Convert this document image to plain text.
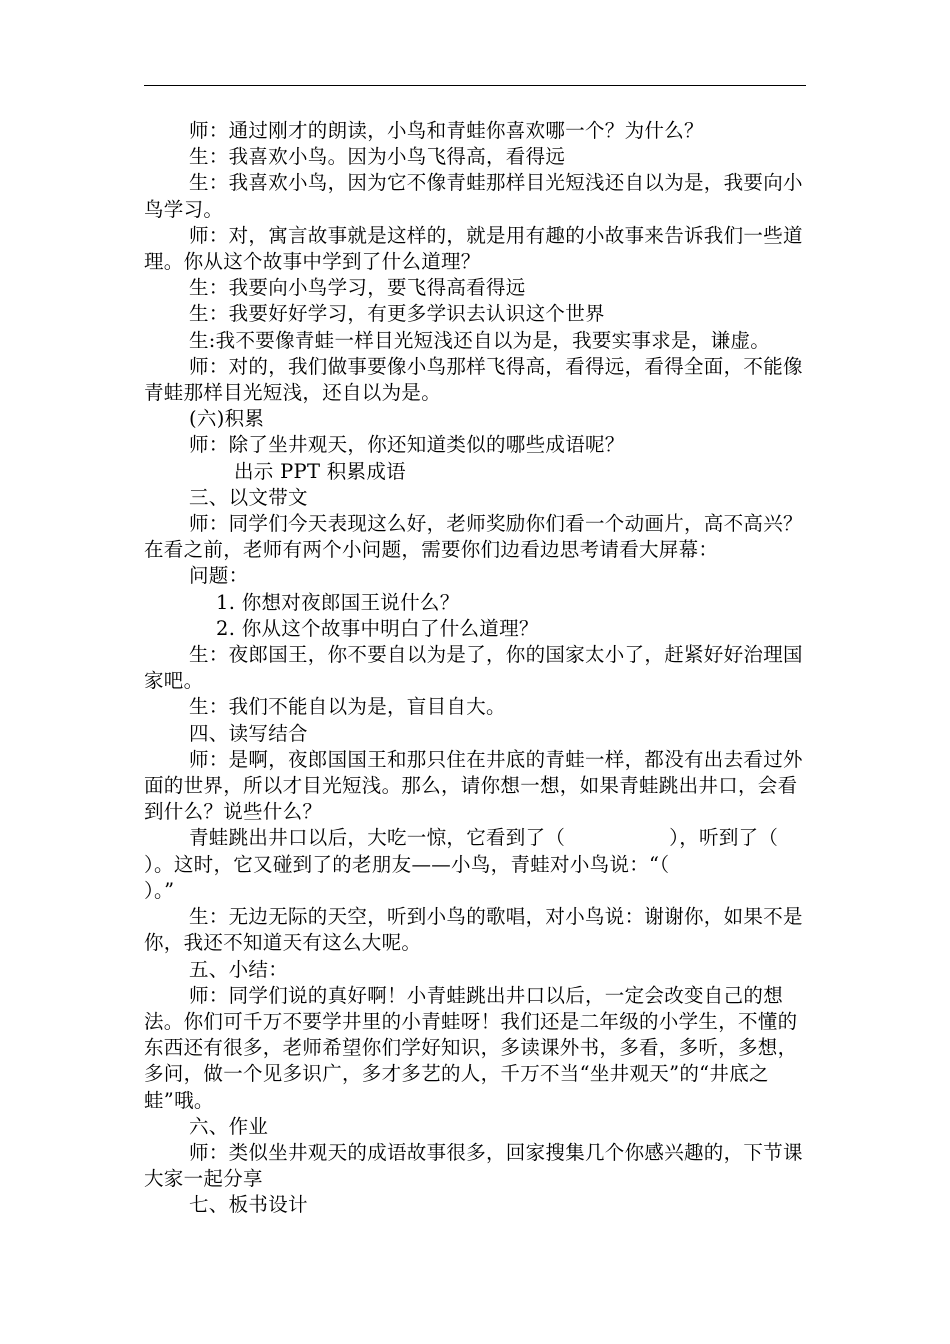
师：通过刚才的朗读，小鸟和青蛙你喜欢哪一个？为什么？

生：我喜欢小鸟。因为小鸟飞得高，看得远

生：我喜欢小鸟，因为它不像青蛙那样目光短浅还自以为是，我要向小鸟学习。

师：对，寓言故事就是这样的，就是用有趣的小故事来告诉我们一些道理。你从这个故事中学到了什么道理？

生：我要向小鸟学习，要飞得高看得远

生：我要好好学习，有更多学识去认识这个世界

生:我不要像青蛙一样目光短浅还自以为是，我要实事求是，谦虚。

师：对的，我们做事要像小鸟那样飞得高，看得远，看得全面，不能像青蛙那样目光短浅，还自以为是。

(六)积累

师：除了坐井观天，你还知道类似的哪些成语呢？

出示 PPT 积累成语

三、以文带文

师：同学们今天表现这么好，老师奖励你们看一个动画片，高不高兴？在看之前，老师有两个小问题，需要你们边看边思考请看大屏幕：

问题：

1. 你想对夜郎国王说什么？

2. 你从这个故事中明白了什么道理？

生：夜郎国王，你不要自以为是了，你的国家太小了，赶紧好好治理国家吧。

生：我们不能自以为是，盲目自大。

四、读写结合

师：是啊，夜郎国国王和那只住在井底的青蛙一样，都没有出去看过外面的世界，所以才目光短浅。那么，请你想一想，如果青蛙跳出井口，会看到什么？说些什么？

青蛙跳出井口以后，大吃一惊，它看到了（                ），听到了（            ）。这时，它又碰到了的老朋友——小鸟，青蛙对小鸟说：“（                          ）。”

生：无边无际的天空，听到小鸟的歌唱，对小鸟说：谢谢你，如果不是你，我还不知道天有这么大呢。

五、小结：

师：同学们说的真好啊！小青蛙跳出井口以后，一定会改变自己的想法。你们可千万不要学井里的小青蛙呀！我们还是二年级的小学生，不懂的东西还有很多，老师希望你们学好知识，多读课外书，多看，多听，多想，多问，做一个见多识广，多才多艺的人，千万不当“坐井观天”的“井底之蛙”哦。

六、作业

师：类似坐井观天的成语故事很多，回家搜集几个你感兴趣的，下节课大家一起分享

七、板书设计
